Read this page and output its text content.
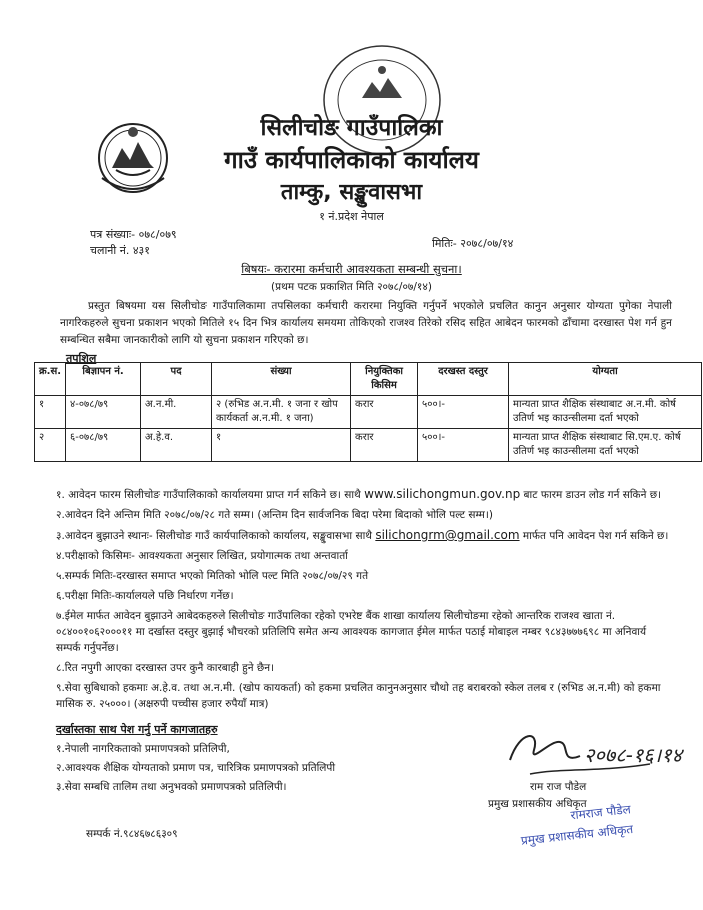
सिलीचोङ गाउँपालिका
गाउँ कार्यपालिकाको कार्यालय
ताम्कु, सङ्खुवासभा
१ नं.प्रदेश नेपाल
पत्र संख्याः- ०७८/०७९
चलानी नं. ४३१
मितिः- २०७८/०७/१४
बिषयः- करारमा कर्मचारी आवश्यकता सम्बन्धी सुचना।
(प्रथम पटक प्रकाशित मिति २०७८/०७/१४)
प्रस्तुत बिषयमा यस सिलीचोङ गाउँपालिकामा तपसिलका कर्मचारी करारमा नियुक्ति गर्नुपर्ने भएकोले प्रचलित कानुन अनुसार योग्यता पुगेका नेपाली नागरिकहरुले सुचना प्रकाशन भएको मितिले १५ दिन भित्र कार्यालय समयमा तोकिएको राजश्व तिरेको रसिद सहित आबेदन फारमको ढाँचामा दरखास्त पेश गर्न हुन सम्बन्धित सबैमा जानकारीको लागि यो सुचना प्रकाशन गरिएको छ।
तपशिल
क्र.स.	बिज्ञापन नं.	पद	संख्या	नियुक्तिका किसिम	दरखस्त दस्तुर	योग्यता
१	४-०७८/७९	अ.न.मी.	२ (रुभिड अ.न.मी. १ जना र खोप कार्यकर्ता अ.न.मी. १ जना)	करार	५००।-	मान्यता प्राप्त शैक्षिक संस्थाबाट अ.न.मी. कोर्ष उतिर्ण भइ काउन्सीलमा दर्ता भएको
२	६-०७८/७९	अ.हे.व.	१	करार	५००।-	मान्यता प्राप्त शैक्षिक संस्थाबाट सि.एम.ए. कोर्ष उतिर्ण भइ काउन्सीलमा दर्ता भएको
१. आवेदन फारम सिलीचोङ गाउँपालिकाको कार्यालयमा प्राप्त गर्न सकिने छ। साथै www.silichongmun.gov.np बाट फारम डाउन लोड गर्न सकिने छ।
२.आवेदन दिने अन्तिम मिति २०७८/०७/२८ गते सम्म। (अन्तिम दिन सार्वजनिक बिदा परेमा बिदाको भोलि पल्ट सम्म।)
३.आवेदन बुझाउने स्थानः- सिलीचोङ गाउँ कार्यपालिकाको कार्यालय, सङ्खुवासभा साथै silichongrm@gmail.com मार्फत पनि आवेदन पेश गर्न सकिने छ।
४.परीक्षाको किसिमः- आवश्यकता अनुसार लिखित, प्रयोगात्मक तथा अन्तवार्ता
५.सम्पर्क मितिः-दरखास्त समाप्त भएको मितिको भोलि पल्ट मिति २०७८/०७/२९ गते
६.परीक्षा मितिः-कार्यालयले पछि निर्धारण गर्नेछ।
७.ईमेल मार्फत आवेदन बुझाउने आबेदकहरुले सिलीचोङ गाउँपालिका रहेको एभरेष्ट बैंक शाखा कार्यालय सिलीचोङमा रहेको आन्तरिक राजश्व खाता नं. ०८४००१०६२०००११ मा दर्खास्त दस्तुर बुझाई भौचरको प्रतिलिपि समेत अन्य आवश्यक कागजात ईमेल मार्फत पठाई मोबाइल नम्बर ९८४३७७७६९८ मा अनिवार्य सम्पर्क गर्नुपर्नेछ।
८.रित नपुगी आएका दरखास्त उपर कुनै कारबाही हुने छैन।
९.सेवा सुबिधाको हकमाः अ.हे.व. तथा अ.न.मी. (खोप कायकर्ता) को हकमा प्रचलित कानुनअनुसार चौथो तह बराबरको स्केल तलब र (रुभिड अ.न.मी) को हकमा मासिक रु. २५०००। (अक्षरुपी पच्चीस हजार रुपैयाँ मात्र)
दर्खास्तका साथ पेश गर्नु पर्ने कागजातहरु
१.नेपाली नागरिकताको प्रमाणपत्रको प्रतिलिपी,
२.आवश्यक शैक्षिक योग्यताको प्रमाण पत्र, चारित्रिक प्रमाणपत्रको प्रतिलिपी
३.सेवा सम्बधि तालिम तथा अनुभवको प्रमाणपत्रको प्रतिलिपी।
२०७८-१६।१४
राम राज पौडेल
प्रमुख प्रशासकीय अधिकृत
रामराज पौडेल
प्रमुख प्रशासकीय अधिकृत
सम्पर्क नं.९८४६७८६३०९
